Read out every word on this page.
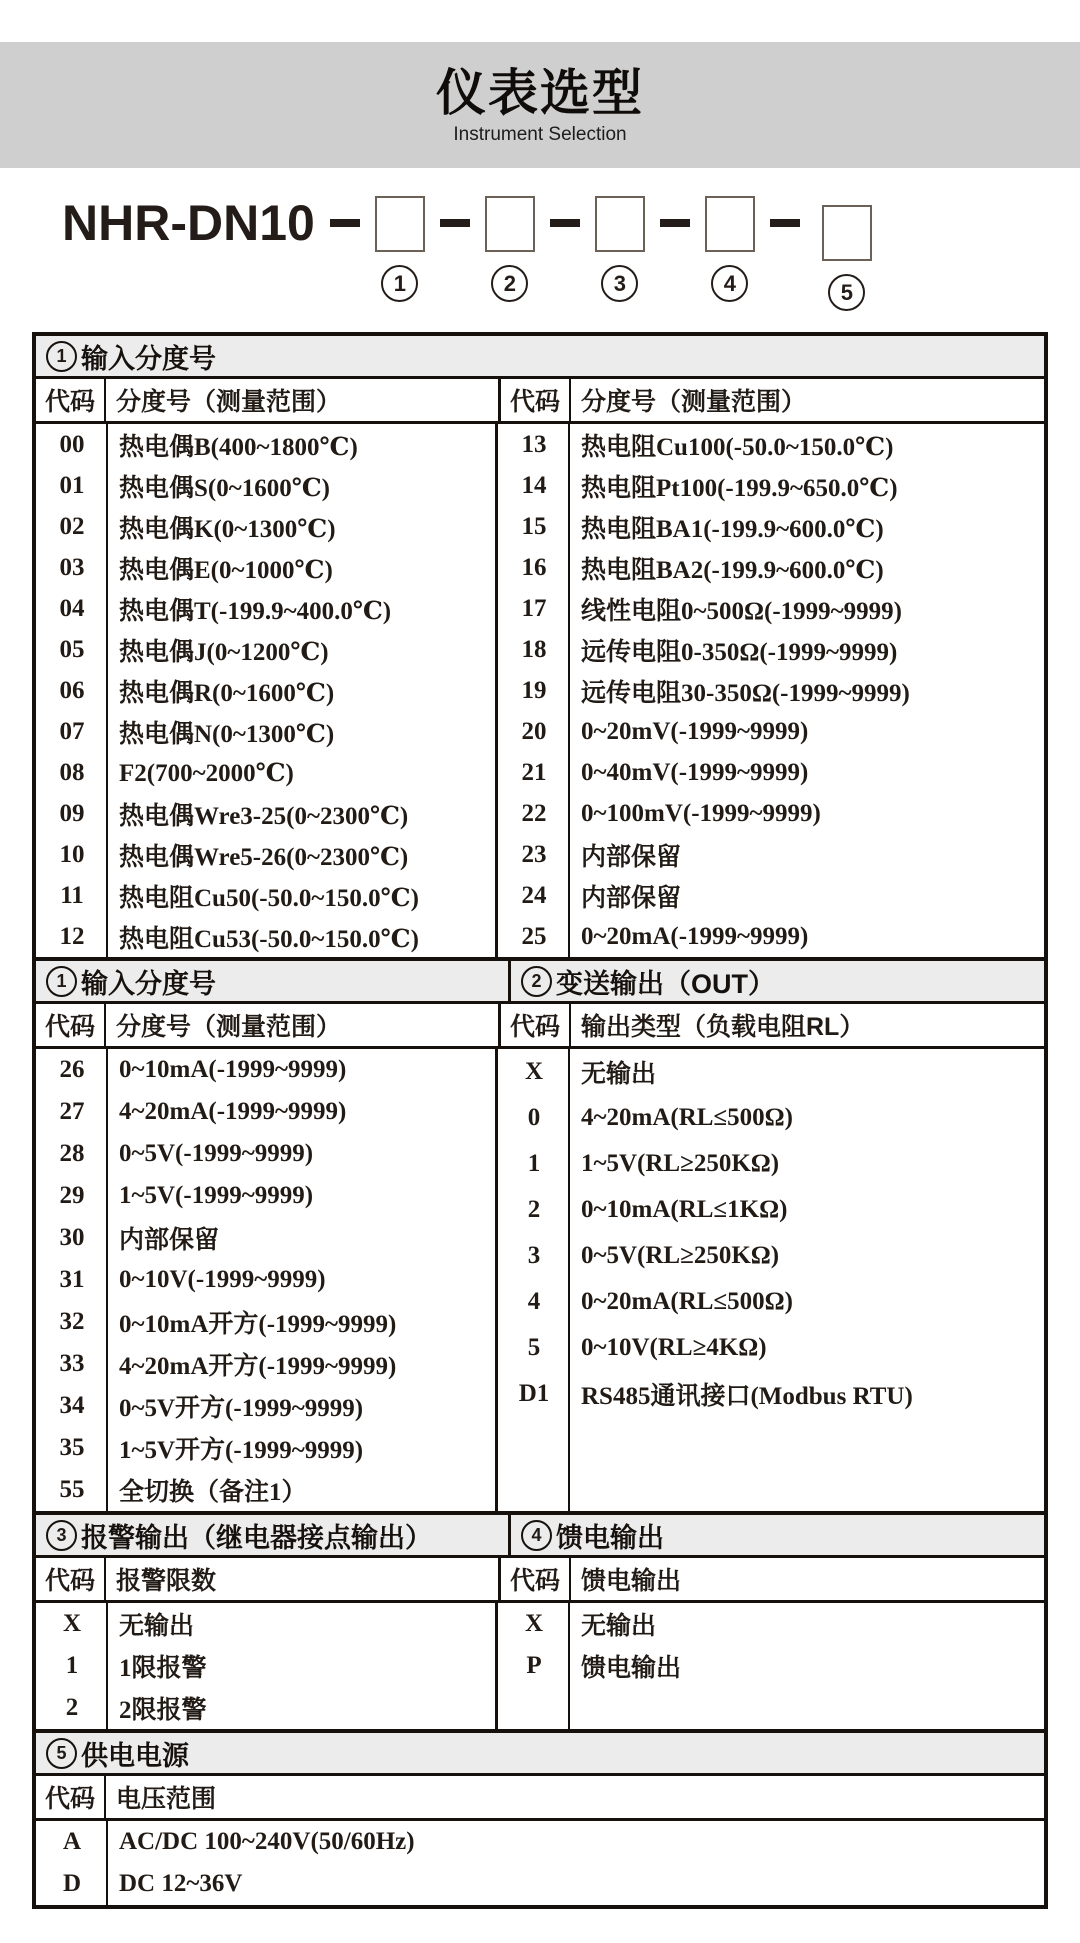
仪表选型
Instrument Selection
NHR-DN10
1	2	3	4	5
1 输入分度号
代码 分度号（测量范围）	代码 分度号（测量范围）
00	热电偶B(400~1800℃)
01	热电偶S(0~1600℃)
02	热电偶K(0~1300℃)
03	热电偶E(0~1000℃)
04	热电偶T(-199.9~400.0℃)
05	热电偶J(0~1200℃)
06	热电偶R(0~1600℃)
07	热电偶N(0~1300℃)
08	F2(700~2000℃)
09	热电偶Wre3-25(0~2300℃)
10	热电偶Wre5-26(0~2300℃)
11	热电阻Cu50(-50.0~150.0℃)
12	热电阻Cu53(-50.0~150.0℃)
13	热电阻Cu100(-50.0~150.0℃)
14	热电阻Pt100(-199.9~650.0℃)
15	热电阻BA1(-199.9~600.0℃)
16	热电阻BA2(-199.9~600.0℃)
17	线性电阻0~500Ω(-1999~9999)
18	远传电阻0-350Ω(-1999~9999)
19	远传电阻30-350Ω(-1999~9999)
20	0~20mV(-1999~9999)
21	0~40mV(-1999~9999)
22	0~100mV(-1999~9999)
23	内部保留
24	内部保留
25	0~20mA(-1999~9999)
1 输入分度号	2 变送输出（OUT）
代码 分度号（测量范围）	代码 输出类型（负载电阻RL）
26	0~10mA(-1999~9999)
27	4~20mA(-1999~9999)
28	0~5V(-1999~9999)
29	1~5V(-1999~9999)
30	内部保留
31	0~10V(-1999~9999)
32	0~10mA开方(-1999~9999)
33	4~20mA开方(-1999~9999)
34	0~5V开方(-1999~9999)
35	1~5V开方(-1999~9999)
55	全切换（备注1）
X	无输出
0	4~20mA(RL≤500Ω)
1	1~5V(RL≥250KΩ)
2	0~10mA(RL≤1KΩ)
3	0~5V(RL≥250KΩ)
4	0~20mA(RL≤500Ω)
5	0~10V(RL≥4KΩ)
D1	RS485通讯接口(Modbus RTU)
3 报警输出（继电器接点输出）	4 馈电输出
代码 报警限数	代码 馈电输出
X	无输出
1	1限报警
2	2限报警
X	无输出
P	馈电输出
5 供电电源
代码 电压范围
A	AC/DC 100~240V(50/60Hz)
D	DC 12~36V
